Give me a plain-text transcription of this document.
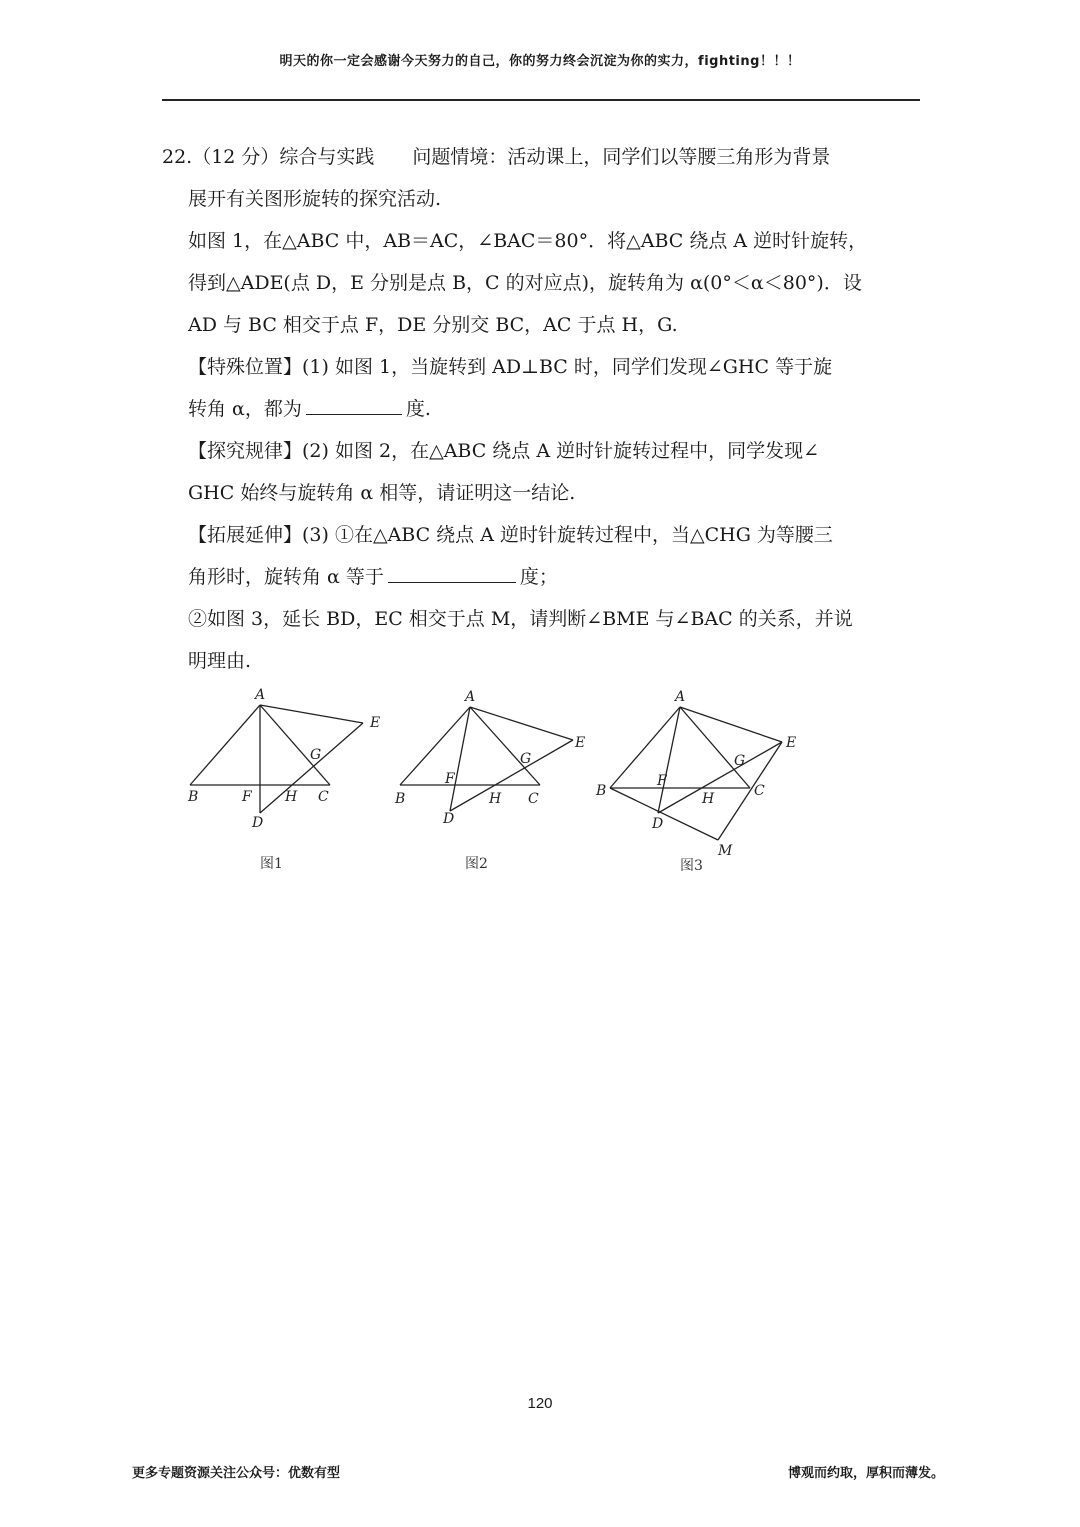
明天的你一定会感谢今天努力的自己，你的努力终会沉淀为你的实力，fighting！！！

22.（12 分）综合与实践　　问题情境：活动课上，同学们以等腰三角形为背景

展开有关图形旋转的探究活动.

如图 1，在△ABC 中，AB＝AC，∠BAC＝80°．将△ABC 绕点 A 逆时针旋转，

得到△ADE(点 D，E 分别是点 B，C 的对应点)，旋转角为 α(0°＜α＜80°)．设

AD 与 BC 相交于点 F，DE 分别交 BC，AC 于点 H，G.

【特殊位置】(1) 如图 1，当旋转到 AD⊥BC 时，同学们发现∠GHC 等于旋

转角 α，都为	度.

【探究规律】(2) 如图 2，在△ABC 绕点 A 逆时针旋转过程中，同学发现∠

GHC 始终与旋转角 α 相等，请证明这一结论.

【拓展延伸】(3) ①在△ABC 绕点 A 逆时针旋转过程中，当△CHG 为等腰三

角形时，旋转角 α 等于	度；

②如图 3，延长 BD，EC 相交于点 M，请判断∠BME 与∠BAC 的关系，并说

明理由.

A
B	C
D
E
F
G
H
图1
A
B	C
D
E
F
G
H
图2
A
B	C
D
E
F
G
H
M
图3
120
更多专题资源关注公众号：优数有型	博观而约取，厚积而薄发。
